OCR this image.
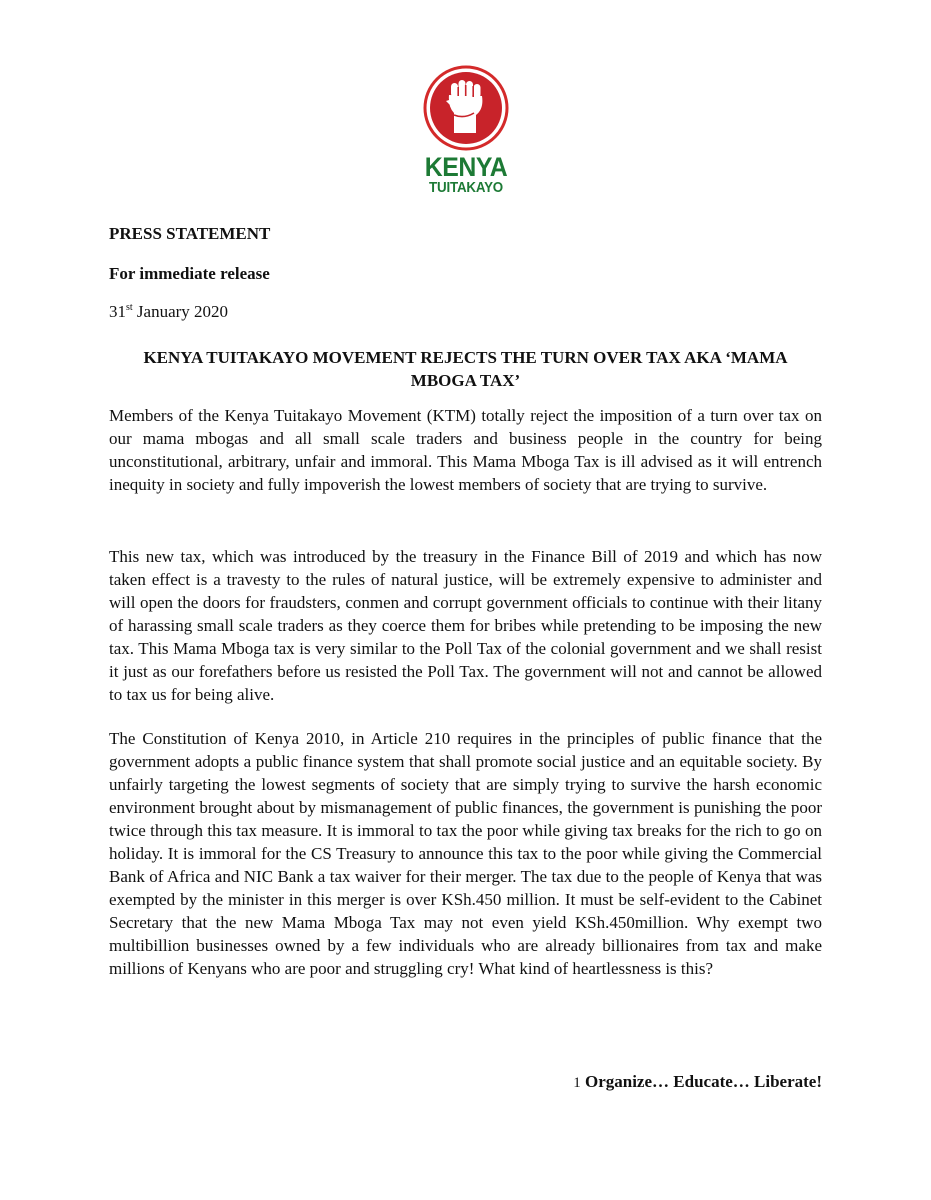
KENYA
TUITAKAYO
PRESS STATEMENT
For immediate release
31st January 2020
KENYA TUITAKAYO MOVEMENT REJECTS THE TURN OVER TAX AKA ‘MAMA MBOGA TAX’

Members of the Kenya Tuitakayo Movement (KTM) totally reject the imposition of a turn over tax on our mama mbogas and all small scale traders and business people in the country for being unconstitutional, arbitrary, unfair and immoral. This Mama Mboga Tax is ill advised as it will entrench inequity in society and fully impoverish the lowest members of society that are trying to survive.

This new tax, which was introduced by the treasury in the Finance Bill of 2019 and which has now taken effect is a travesty to the rules of natural justice, will be extremely expensive to administer and will open the doors for fraudsters, conmen and corrupt government officials to continue with their litany of harassing small scale traders as they coerce them for bribes while pretending to be imposing the new tax. This Mama Mboga tax is very similar to the Poll Tax of the colonial government and we shall resist it just as our forefathers before us resisted the Poll Tax. The government will not and cannot be allowed to tax us for being alive.

The Constitution of Kenya 2010, in Article 210 requires in the principles of public finance that the government adopts a public finance system that shall promote social justice and an equitable society. By unfairly targeting the lowest segments of society that are simply trying to survive the harsh economic environment brought about by mismanagement of public finances, the government is punishing the poor twice through this tax measure. It is immoral to tax the poor while giving tax breaks for the rich to go on holiday. It is immoral for the CS Treasury to announce this tax to the poor while giving the Commercial Bank of Africa and NIC Bank a tax waiver for their merger. The tax due to the people of Kenya that was exempted by the minister in this merger is over KSh.450 million. It must be self-evident to the Cabinet Secretary that the new Mama Mboga Tax may not even yield KSh.450million. Why exempt two multibillion businesses owned by a few individuals who are already billionaires from tax and make millions of Kenyans who are poor and struggling cry! What kind of heartlessness is this?

1 Organize… Educate… Liberate!
